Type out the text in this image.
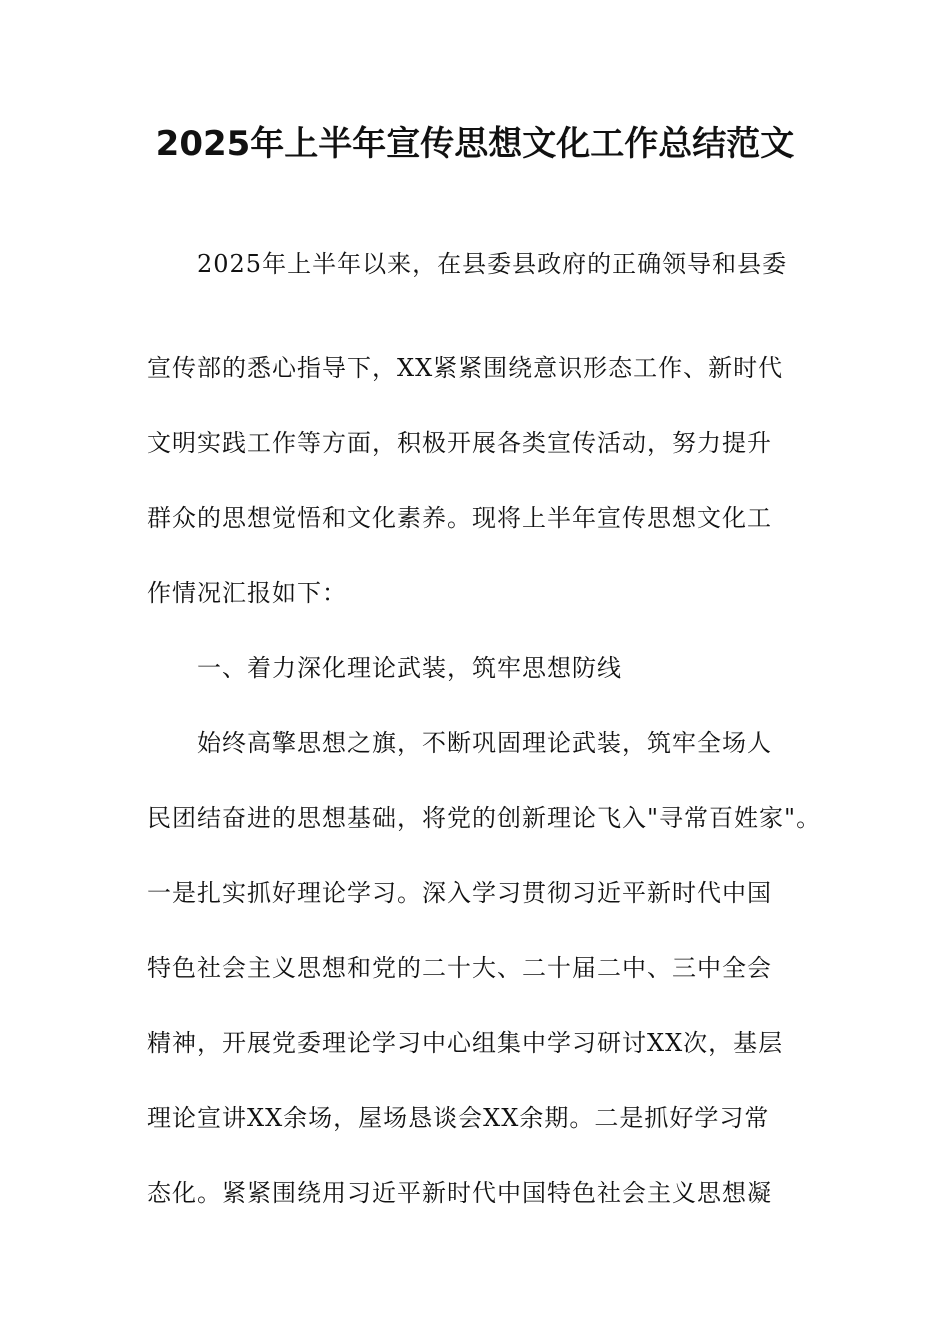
2025年上半年宣传思想文化工作总结范文
2025年上半年以来，在县委县政府的正确领导和县委
宣传部的悉心指导下，XX紧紧围绕意识形态工作、新时代
文明实践工作等方面，积极开展各类宣传活动，努力提升
群众的思想觉悟和文化素养。现将上半年宣传思想文化工
作情况汇报如下：
一、着力深化理论武装，筑牢思想防线
始终高擎思想之旗，不断巩固理论武装，筑牢全场人
民团结奋进的思想基础，将党的创新理论飞入"寻常百姓家"。
一是扎实抓好理论学习。深入学习贯彻习近平新时代中国
特色社会主义思想和党的二十大、二十届二中、三中全会
精神，开展党委理论学习中心组集中学习研讨XX次，基层
理论宣讲XX余场，屋场恳谈会XX余期。二是抓好学习常
态化。紧紧围绕用习近平新时代中国特色社会主义思想凝
